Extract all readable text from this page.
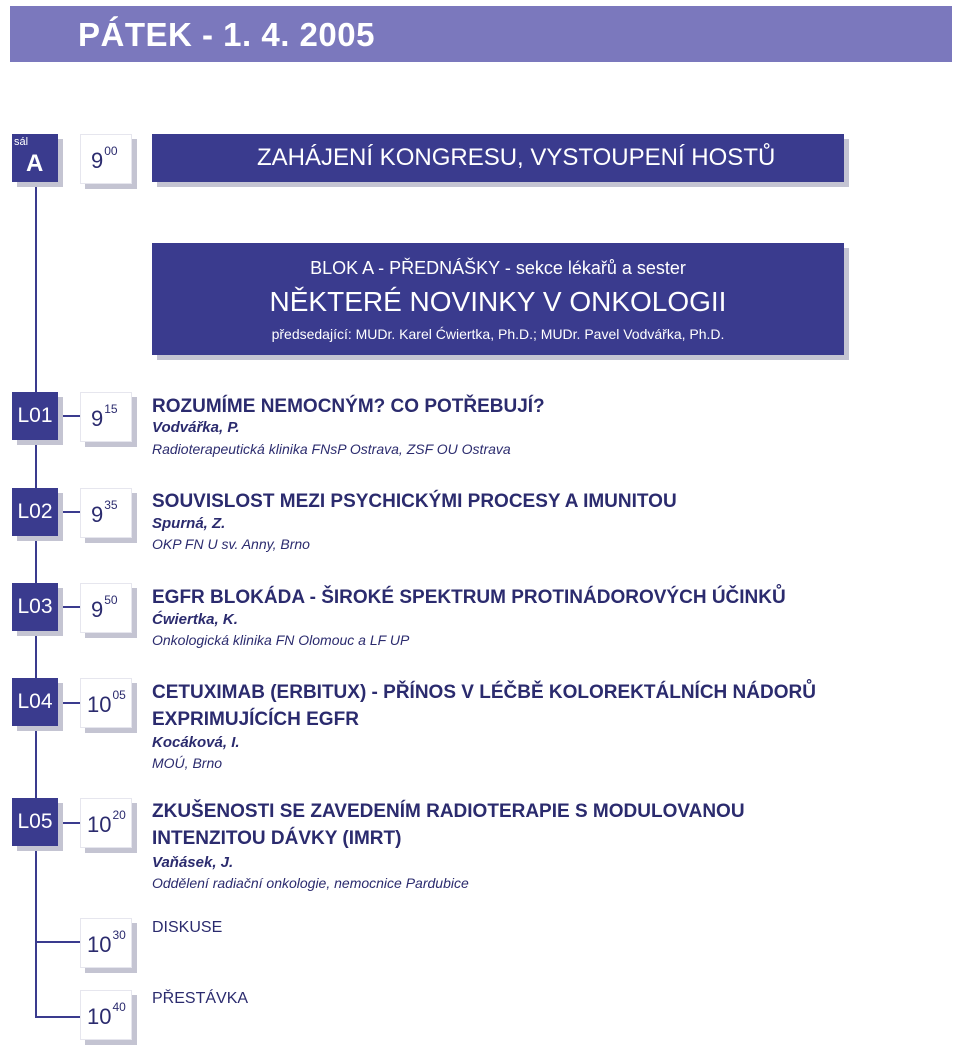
PÁTEK - 1. 4. 2005
sál
A $9^{00}$	ZAHÁJENÍ KONGRESU, VYSTOUPENÍ HOSTŮ
BLOK A - PŘEDNÁŠKY - sekce lékařů a sester
NĚKTERÉ NOVINKY V ONKOLOGII
předsedající: MUDr. Karel Ćwiertka, Ph.D.; MUDr. Pavel Vodvářka, Ph.D.
L01 $9^{15}$ ROZUMÍME NEMOCNÝM? CO POTŘEBUJÍ?
Vodvářka, P.
Radioterapeutická klinika FNsP Ostrava, ZSF OU Ostrava
L02 $9^{35}$ SOUVISLOST MEZI PSYCHICKÝMI PROCESY A IMUNITOU
Spurná, Z.
OKP FN U sv. Anny, Brno
L03 $9^{50}$ EGFR BLOKÁDA - ŠIROKÉ SPEKTRUM PROTINÁDOROVÝCH ÚČINKŮ
Ćwiertka, K.
Onkologická klinika FN Olomouc a LF UP
L04 $10^{05}$ CETUXIMAB (ERBITUX) - PŘÍNOS V LÉČBĚ KOLOREKTÁLNÍCH NÁDORŮ EXPRIMUJÍCÍCH EGFR
Kocáková, I.
MOÚ, Brno
L05 $10^{20}$ ZKUŠENOSTI SE ZAVEDENÍM RADIOTERAPIE S MODULOVANOU INTENZITOU DÁVKY (IMRT)
Vaňásek, J.
Oddělení radiační onkologie, nemocnice Pardubice
$10^{30}$ DISKUSE
$10^{40}$ PŘESTÁVKA
